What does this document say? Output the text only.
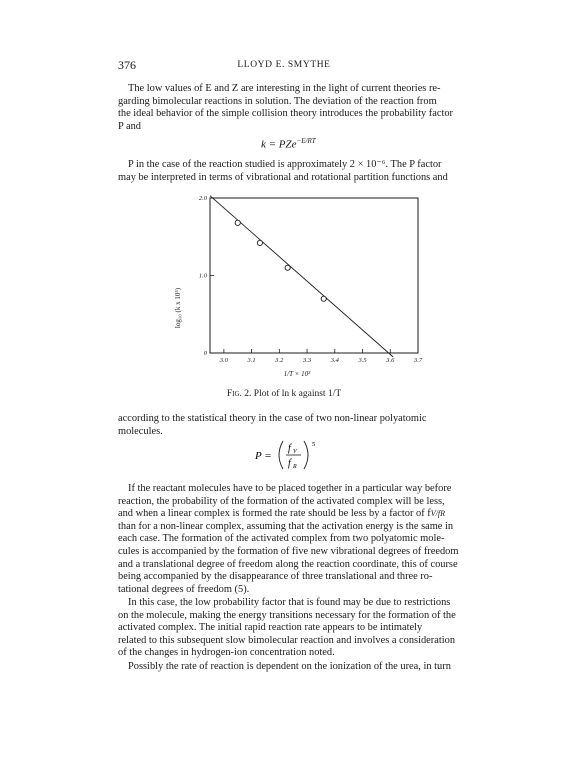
376	LLOYD E. SMYTHE
The low values of E and Z are interesting in the light of current theories re-
garding bimolecular reactions in solution. The deviation of the reaction from
the ideal behavior of the simple collision theory introduces the probability factor
P and
k = PZe$^{-E/RT}$
P in the case of the reaction studied is approximately 2 × 10⁻⁶. The P factor
may be interpreted in terms of vibrational and rotational partition functions and
3.0	3.1	3.2	3.3	3.4	3.5	3.6	3.7
0
1.0
2.0
log₁₀ (k x 10⁵)
1/T × 10³
Fig. 2. Plot of ln k against 1/T
according to the statistical theory in the case of two non-linear polyatomic
molecules.
P =
f V
f R
5
If the reactant molecules have to be placed together in a particular way before
reaction, the probability of the formation of the activated complex will be less,
and when a linear complex is formed the rate should be less by a factor of fV/fR
than for a non-linear complex, assuming that the activation energy is the same in
each case. The formation of the activated complex from two polyatomic mole-
cules is accompanied by the formation of five new vibrational degrees of freedom
and a translational degree of freedom along the reaction coordinate, this of course
being accompanied by the disappearance of three translational and three ro-
tational degrees of freedom (5).
In this case, the low probability factor that is found may be due to restrictions
on the molecule, making the energy transitions necessary for the formation of the
activated complex. The initial rapid reaction rate appears to be intimately
related to this subsequent slow bimolecular reaction and involves a consideration
of the changes in hydrogen-ion concentration noted.
Possibly the rate of reaction is dependent on the ionization of the urea, in turn
